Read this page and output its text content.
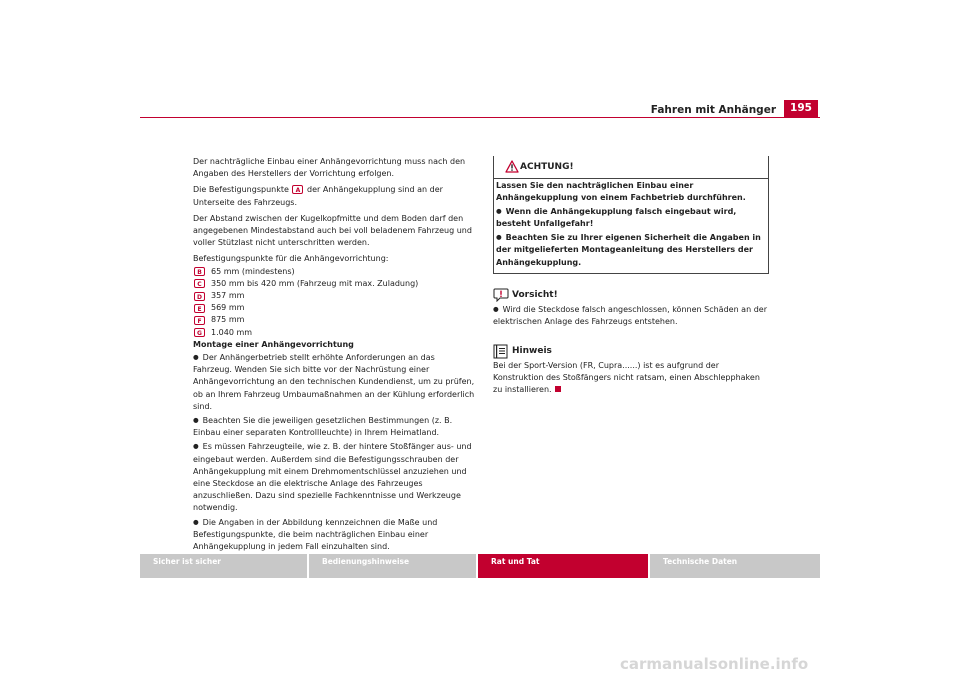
Fahren mit Anhänger	195

Der nachträgliche Einbau einer Anhängevorrichtung muss nach den Angaben des Herstellers der Vorrichtung erfolgen.

Die Befestigungspunkte A der Anhängekupplung sind an der Unterseite des Fahrzeugs.

Der Abstand zwischen der Kugelkopfmitte und dem Boden darf den angegebenen Mindestabstand auch bei voll beladenem Fahrzeug und voller Stützlast nicht unterschritten werden.

Befestigungspunkte für die Anhängevorrichtung:

B	65 mm (mindestens)
C	350 mm bis 420 mm (Fahrzeug mit max. Zuladung)
D	357 mm
E	569 mm
F	875 mm
G	1.040 mm

Montage einer Anhängevorrichtung

● Der Anhängerbetrieb stellt erhöhte Anforderungen an das Fahrzeug. Wenden Sie sich bitte vor der Nachrüstung einer Anhängevorrichtung an den technischen Kundendienst, um zu prüfen, ob an Ihrem Fahrzeug Umbaumaßnahmen an der Kühlung erforderlich sind.

● Beachten Sie die jeweiligen gesetzlichen Bestimmungen (z. B. Einbau einer separaten Kontrollleuchte) in Ihrem Heimatland.

● Es müssen Fahrzeugteile, wie z. B. der hintere Stoßfänger aus- und eingebaut werden. Außerdem sind die Befestigungsschrauben der Anhängekupplung mit einem Drehmomentschlüssel anzuziehen und eine Steckdose an die elektrische Anlage des Fahrzeuges anzuschließen. Dazu sind spezielle Fachkenntnisse und Werkzeuge notwendig.

● Die Angaben in der Abbildung kennzeichnen die Maße und Befestigungspunkte, die beim nachträglichen Einbau einer Anhängekupplung in jedem Fall einzuhalten sind.

ACHTUNG!

Lassen Sie den nachträglichen Einbau einer Anhängekupplung von einem Fachbetrieb durchführen.

● Wenn die Anhängekupplung falsch eingebaut wird, besteht Unfallgefahr!

● Beachten Sie zu Ihrer eigenen Sicherheit die Angaben in der mitgelieferten Montageanleitung des Herstellers der Anhängekupplung.

Vorsicht!

● Wird die Steckdose falsch angeschlossen, können Schäden an der elektrischen Anlage des Fahrzeugs entstehen.

Hinweis

Bei der Sport-Version (FR, Cupra......) ist es aufgrund der Konstruktion des Stoßfängers nicht ratsam, einen Abschlepphaken zu installieren.

Sicher ist sicher	Bedienungshinweise	Rat und Tat	Technische Daten
carmanualsonline.info
